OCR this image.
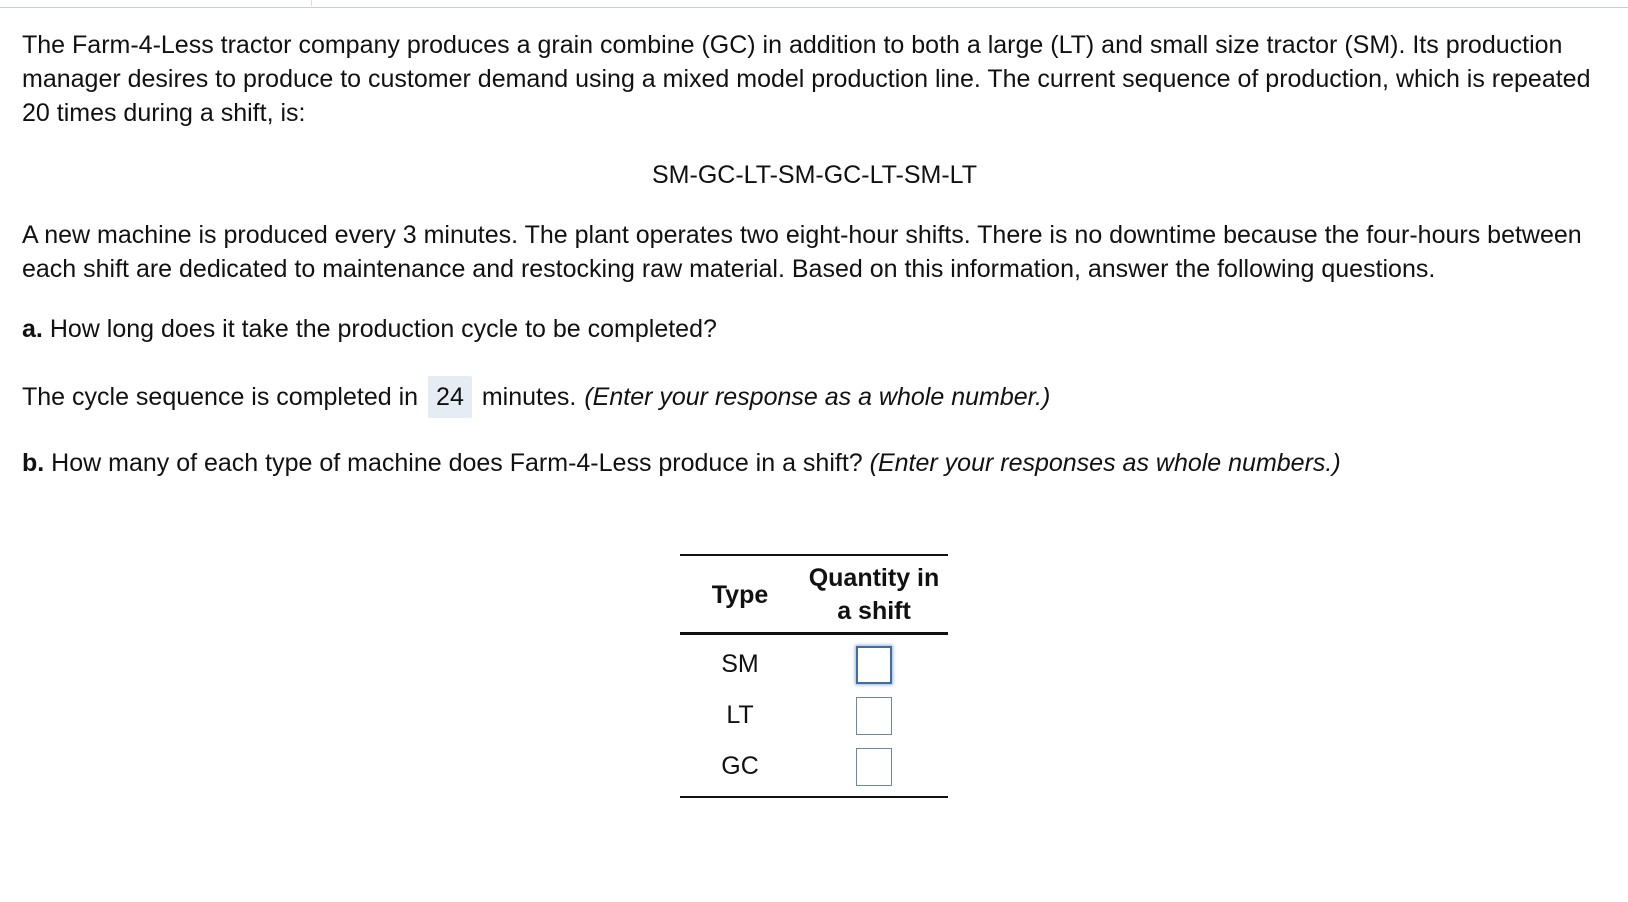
The Farm-4-Less tractor company produces a grain combine (GC) in addition to both a large (LT) and small size tractor (SM). Its production manager desires to produce to customer demand using a mixed model production line. The current sequence of production, which is repeated 20 times during a shift, is:

SM-GC-LT-SM-GC-LT-SM-LT

A new machine is produced every 3 minutes. The plant operates two eight-hour shifts. There is no downtime because the four-hours between each shift are dedicated to maintenance and restocking raw material. Based on this information, answer the following questions.

a. How long does it take the production cycle to be completed?

The cycle sequence is completed in 24 minutes. (Enter your response as a whole number.)

b. How many of each type of machine does Farm-4-Less produce in a shift? (Enter your responses as whole numbers.)

Type	Quantity in
a shift
SM	
LT	
GC	
